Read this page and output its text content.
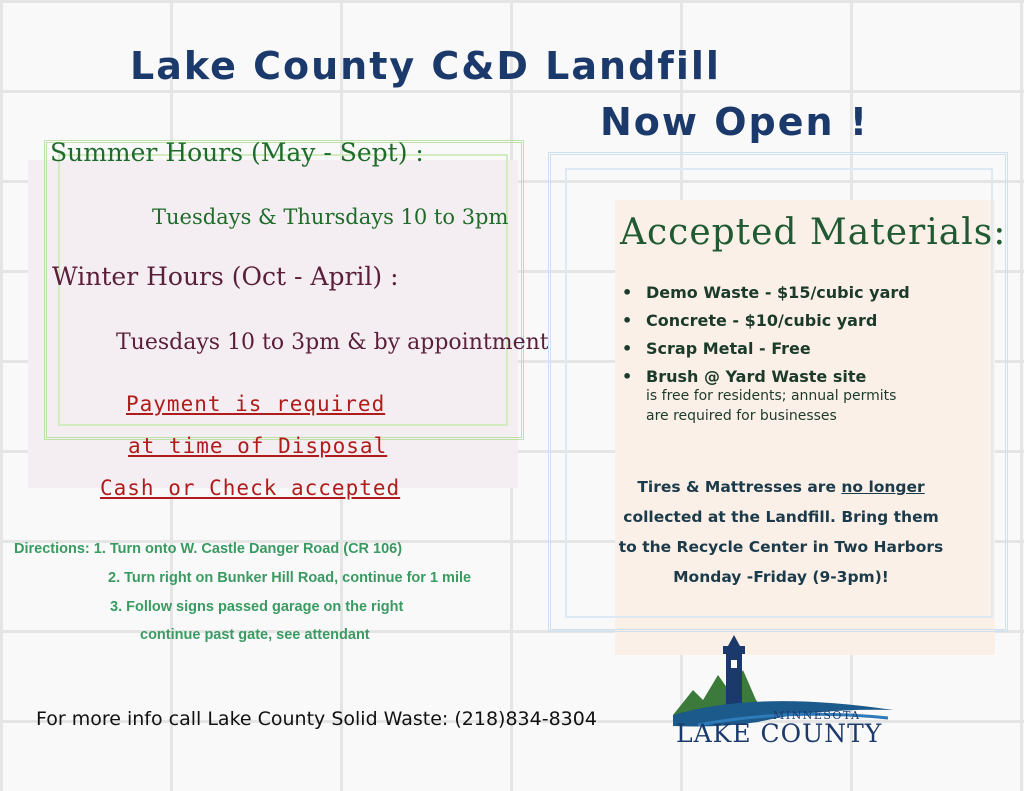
Lake County C&D Landfill
Now Open !
Summer Hours (May - Sept) :
Tuesdays & Thursdays 10 to 3pm
Winter Hours (Oct - April) :
Tuesdays 10 to 3pm & by appointment
Payment is required
at time of Disposal
Cash or Check accepted
Directions: 1. Turn onto W. Castle Danger Road (CR 106)
2. Turn right on Bunker Hill Road, continue for 1 mile
3. Follow signs passed garage on the right
continue past gate, see attendant
For more info call Lake County Solid Waste: (218)834-8304
Accepted Materials:
• Demo Waste - $15/cubic yard
• Concrete - $10/cubic yard
• Scrap Metal - Free
• Brush @ Yard Waste site
is free for residents; annual permits
are required for businesses
Tires & Mattresses are no longer
collected at the Landfill. Bring them
to the Recycle Center in Two Harbors
Monday -Friday (9-3pm)!
MINNESOTA
LAKE COUNTY
